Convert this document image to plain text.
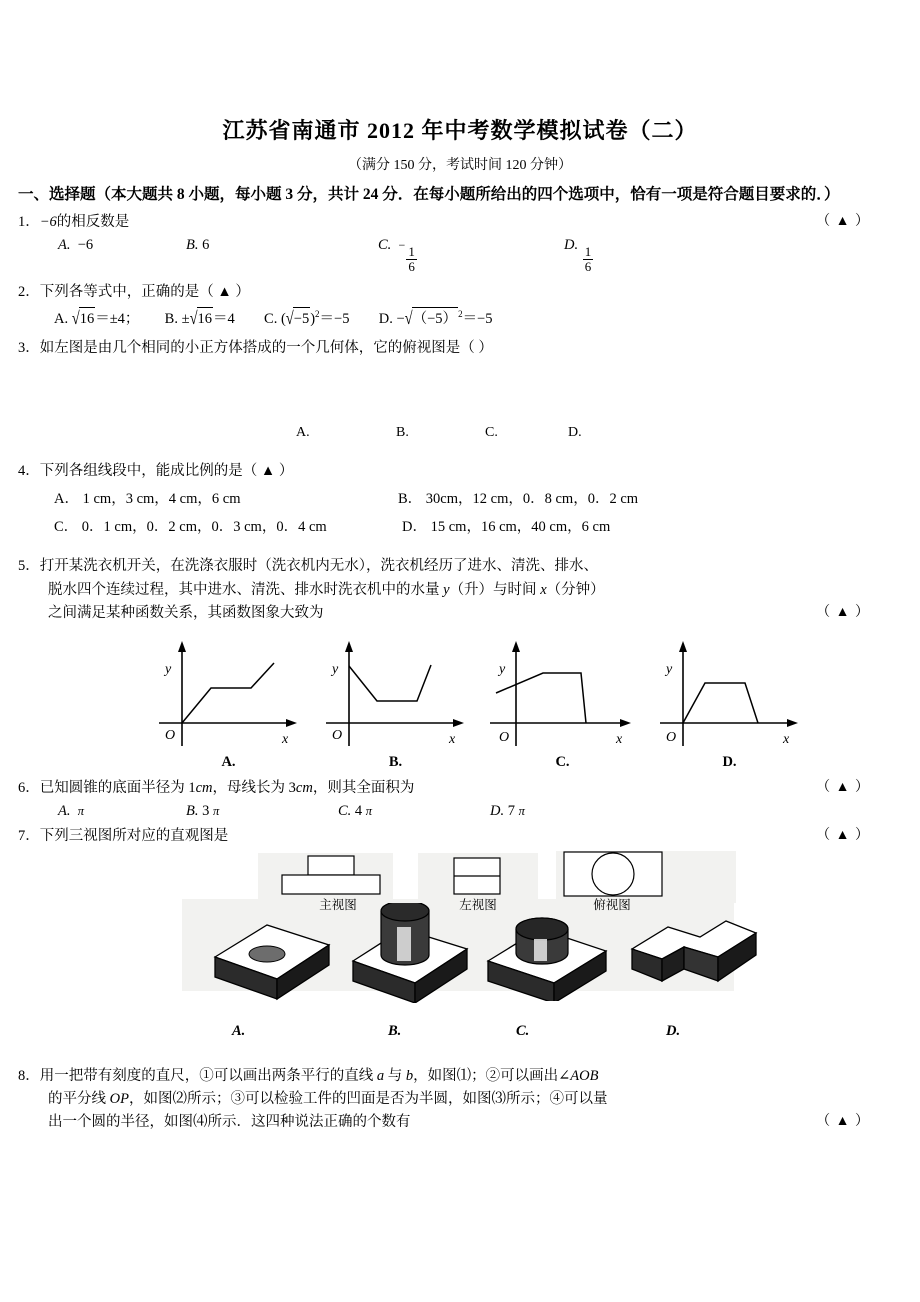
江苏省南通市 2012 年中考数学模拟试卷（二）
（满分 150 分，考试时间 120 分钟）
一、选择题（本大题共 8 小题，每小题 3 分，共计 24 分．在每小题所给出的四个选项中，恰有一项是符合题目要求的．）
1．−6的相反数是	（ ▲ ）
A.  −6	B. 6	C. −
$\frac{1}{6}$
D.
$\frac{1}{6}$
2．下列各等式中，正确的是（ ▲ ）
A. √16＝±4； B. ±√16＝4 C. $(√-5)^2=-5$ D. $-√(-5)^2=-5$
3．如左图是由几个相同的小正方体搭成的一个几何体，它的俯视图是（ ）
A.	B.	C.	D.
4．下列各组线段中，能成比例的是（ ▲ ）
A． 1 cm，3 cm，4 cm，6 cm	B． 30cm，12 cm，0．8 cm，0．2 cm
C． 0．1 cm，0．2 cm，0．3 cm，0．4 cm	D． 15 cm，16 cm，40 cm，6 cm
5．打开某洗衣机开关，在洗涤衣服时（洗衣机内无水），洗衣机经历了进水、清洗、排水、
脱水四个连续过程，其中进水、清洗、排水时洗衣机中的水量 y（升）与时间 x（分钟）
之间满足某种函数关系，其函数图象大致为	（ ▲ ）
y
x
O
A.
y
x
O
B.
y
x
O
C.
y
x
O
D.
6．已知圆锥的底面半径为 1cm，母线长为 3cm，则其全面积为	（ ▲ ）
A. π	B. 3 π	C. 4 π	D. 7 π
7．下列三视图所对应的直观图是	（ ▲ ）
主视图	左视图	俯视图
A.	B.	C.	D.
8．用一把带有刻度的直尺，①可以画出两条平行的直线 a 与 b，如图⑴；②可以画出∠AOB
的平分线 OP，如图⑵所示；③可以检验工件的凹面是否为半圆，如图⑶所示；④可以量
出一个圆的半径，如图⑷所示．这四种说法正确的个数有	（ ▲ ）
